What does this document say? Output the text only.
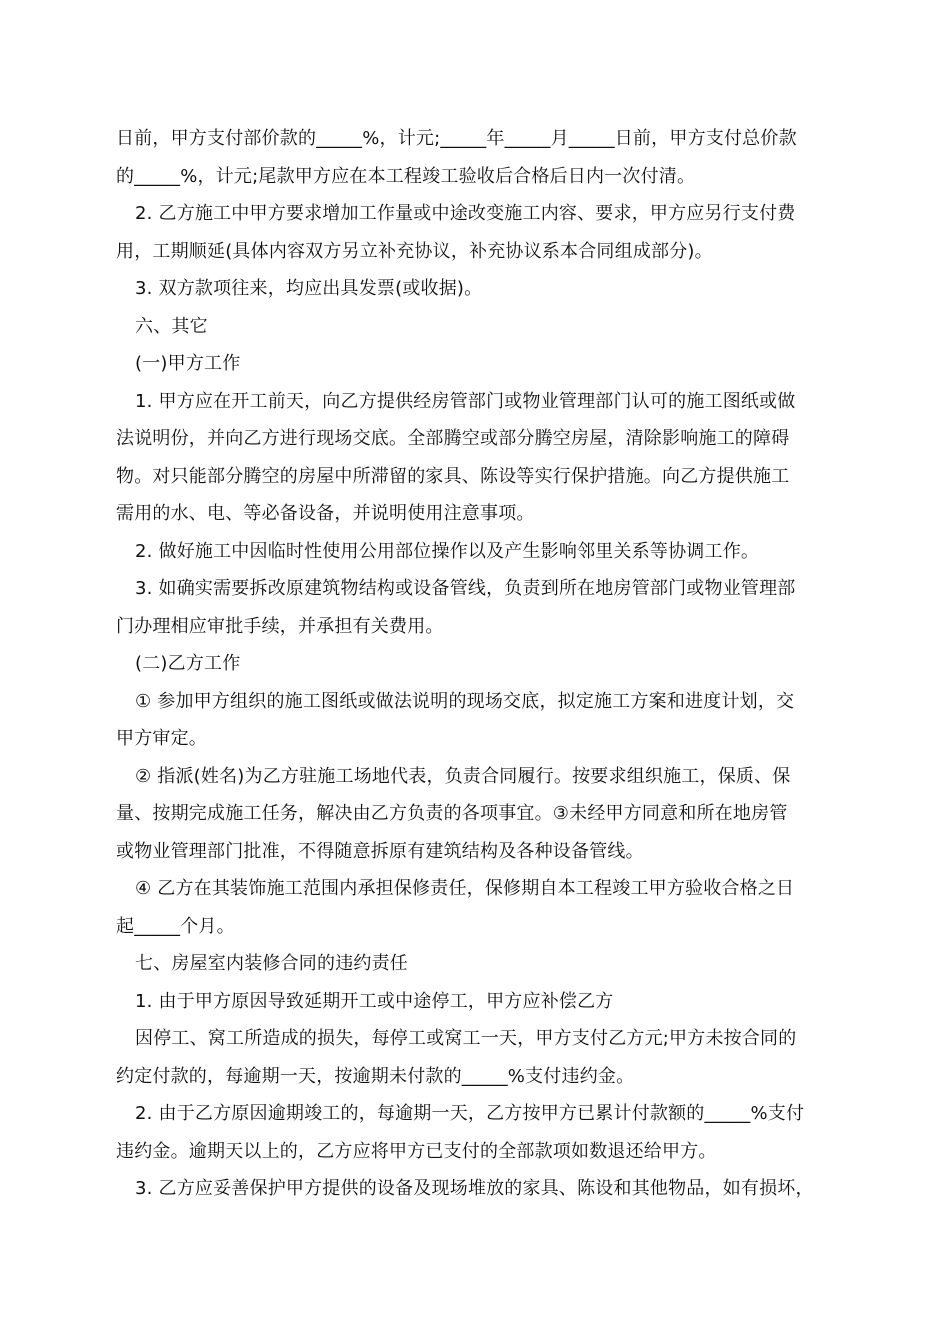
日前，甲方支付部价款的_____%，计元;_____年_____月_____日前，甲方支付总价款
的_____%，计元;尾款甲方应在本工程竣工验收后合格后日内一次付清。
2. 乙方施工中甲方要求增加工作量或中途改变施工内容、要求，甲方应另行支付费
用，工期顺延(具体内容双方另立补充协议，补充协议系本合同组成部分)。
3. 双方款项往来，均应出具发票(或收据)。
六、其它
(一)甲方工作
1. 甲方应在开工前天，向乙方提供经房管部门或物业管理部门认可的施工图纸或做
法说明份，并向乙方进行现场交底。全部腾空或部分腾空房屋，清除影响施工的障碍
物。对只能部分腾空的房屋中所滞留的家具、陈设等实行保护措施。向乙方提供施工
需用的水、电、等必备设备，并说明使用注意事项。
2. 做好施工中因临时性使用公用部位操作以及产生影响邻里关系等协调工作。
3. 如确实需要拆改原建筑物结构或设备管线，负责到所在地房管部门或物业管理部
门办理相应审批手续，并承担有关费用。
(二)乙方工作
① 参加甲方组织的施工图纸或做法说明的现场交底，拟定施工方案和进度计划，交
甲方审定。
② 指派(姓名)为乙方驻施工场地代表，负责合同履行。按要求组织施工，保质、保
量、按期完成施工任务，解决由乙方负责的各项事宜。③未经甲方同意和所在地房管
或物业管理部门批准，不得随意拆原有建筑结构及各种设备管线。
④ 乙方在其装饰施工范围内承担保修责任，保修期自本工程竣工甲方验收合格之日
起_____个月。
七、房屋室内装修合同的违约责任
1. 由于甲方原因导致延期开工或中途停工，甲方应补偿乙方
因停工、窝工所造成的损失，每停工或窝工一天，甲方支付乙方元;甲方未按合同的
约定付款的，每逾期一天，按逾期未付款的_____%支付违约金。
2. 由于乙方原因逾期竣工的，每逾期一天，乙方按甲方已累计付款额的_____%支付
违约金。逾期天以上的，乙方应将甲方已支付的全部款项如数退还给甲方。
3. 乙方应妥善保护甲方提供的设备及现场堆放的家具、陈设和其他物品，如有损坏，
